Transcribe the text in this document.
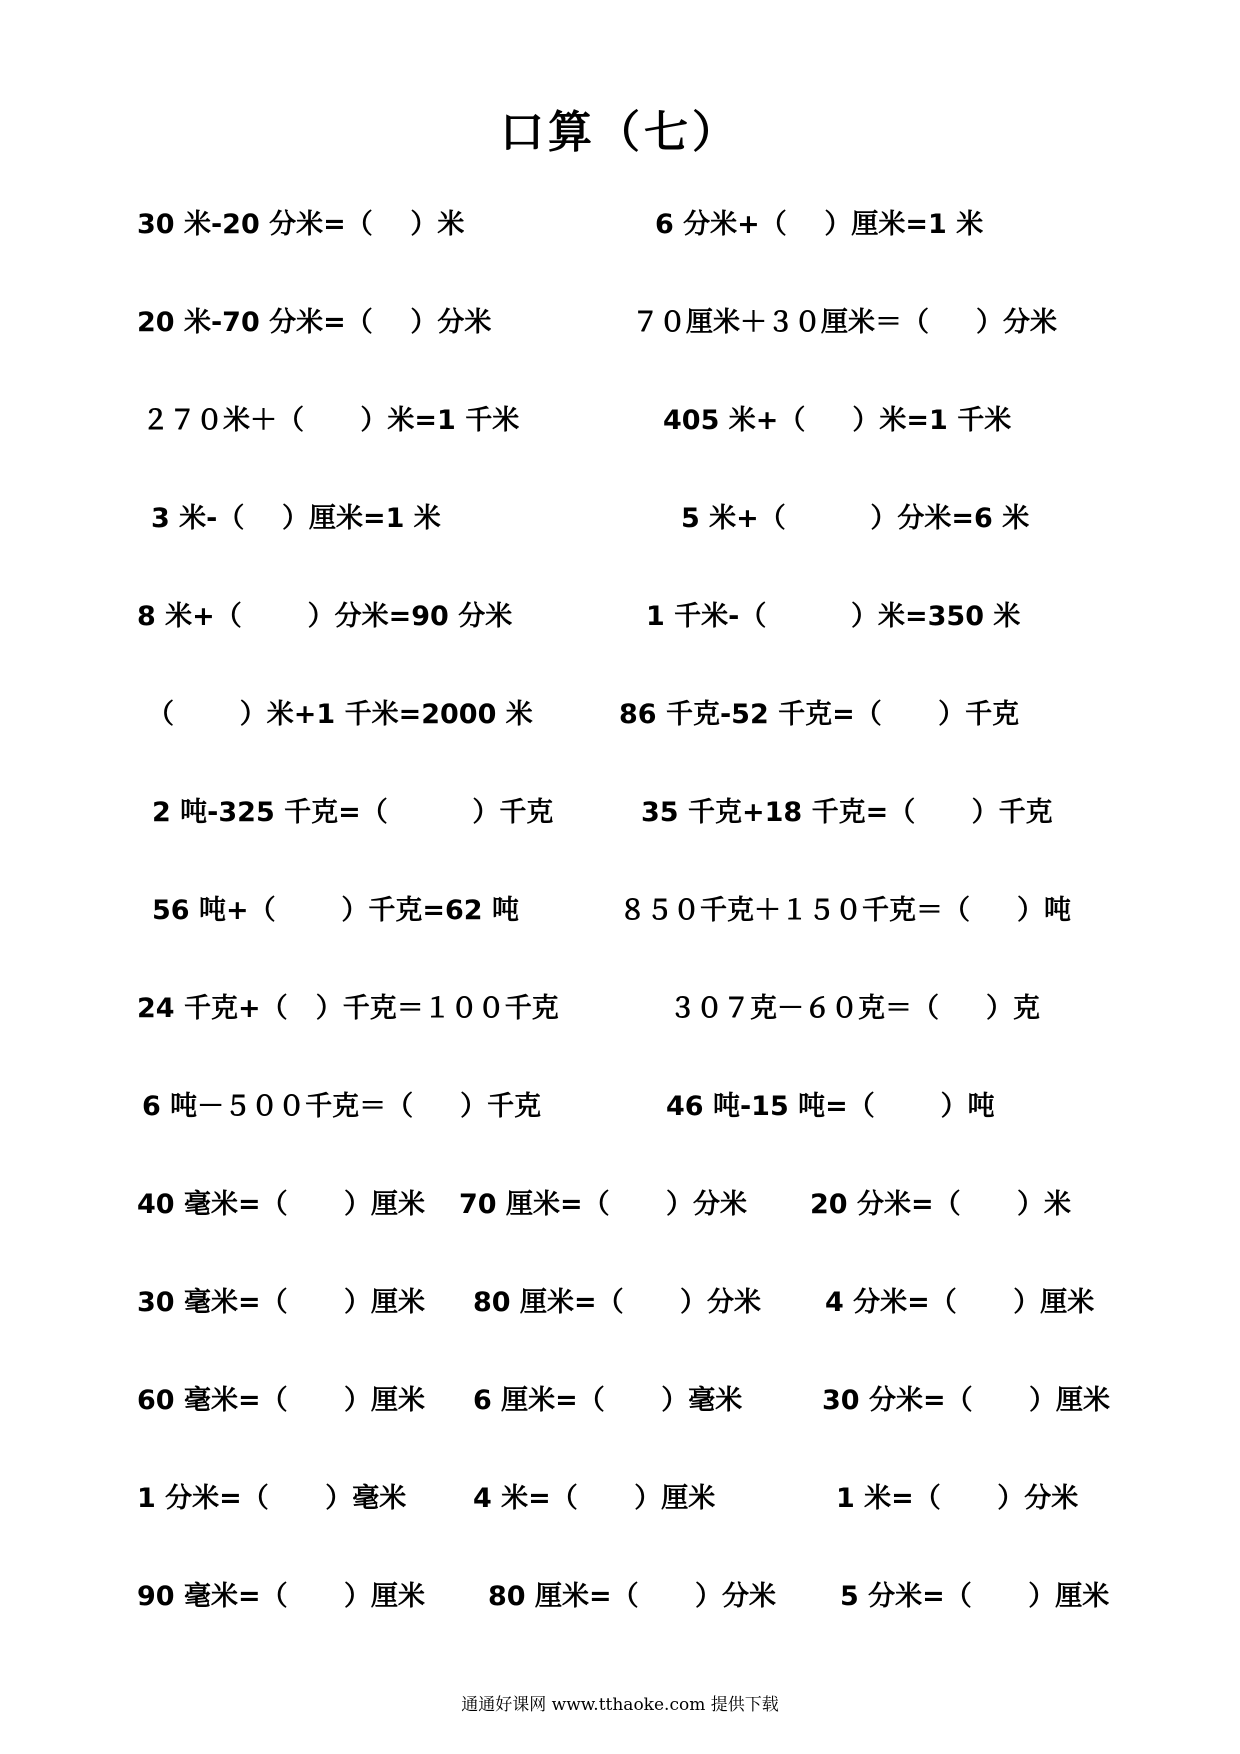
口算（七）
30 米-20 分米=（    ）米	6 分米+（    ）厘米=1 米
20 米-70 分米=（    ）分米	７０厘米＋３０厘米＝（     ）分米
２７０米＋（      ）米=1 千米	405 米+（     ）米=1 千米
3 米-（    ）厘米=1 米	5 米+（         ）分米=6 米
8 米+（       ）分米=90 分米	1 千米-（         ）米=350 米
（       ）米+1 千米=2000 米	86 千克-52 千克=（      ）千克
2 吨-325 千克=（         ）千克	35 千克+18 千克=（      ）千克
56 吨+（       ）千克=62 吨	８５０千克＋１５０千克＝（     ）吨
24 千克+（   ）千克＝１００千克	３０７克－６０克＝（     ）克
6 吨－５００千克＝（     ）千克	46 吨-15 吨=（       ）吨
40 毫米=（      ）厘米 70 厘米=（      ）分米 20 分米=（      ）米
30 毫米=（      ）厘米 80 厘米=（      ）分米 4 分米=（      ）厘米
60 毫米=（      ）厘米 6 厘米=（      ）毫米	30 分米=（      ）厘米
1 分米=（      ）毫米 4 米=（      ）厘米	1 米=（      ）分米
90 毫米=（      ）厘米 80 厘米=（      ）分米 5 分米=（      ）厘米
通通好课网 www.tthaoke.com 提供下载
